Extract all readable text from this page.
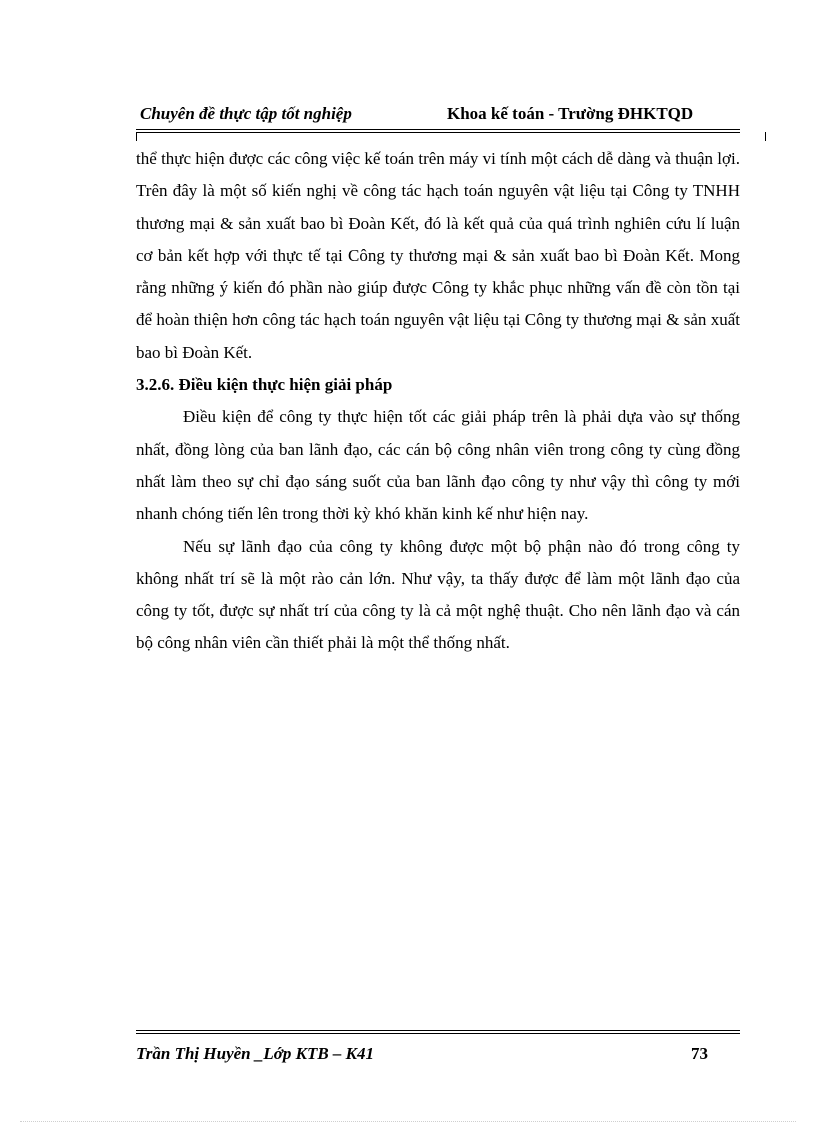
Chuyên đề thực tập tốt nghiệp	Khoa kế toán - Trường ĐHKTQD

thể thực hiện được các công việc kế toán trên máy vi tính một cách dễ dàng và thuận lợi. Trên đây là một số kiến nghị về công tác hạch toán nguyên vật liệu tại Công ty TNHH thương mại & sản xuất bao bì Đoàn Kết, đó là kết quả của quá trình nghiên cứu lí luận cơ bản kết hợp với thực tế tại Công ty thương mại & sản xuất bao bì Đoàn Kết. Mong rằng những ý kiến đó phần nào giúp được Công ty khắc phục những vấn đề còn tồn tại để hoàn thiện hơn công tác hạch toán nguyên vật liệu tại Công ty thương mại & sản xuất bao bì Đoàn Kết.

3.2.6. Điều kiện thực hiện giải pháp

Điều kiện để công ty thực hiện tốt các giải pháp trên là phải dựa vào sự thống nhất, đồng lòng của ban lãnh đạo, các cán bộ công nhân viên trong công ty cùng đồng nhất làm theo sự chỉ đạo sáng suốt của ban lãnh đạo công ty như vậy thì công ty mới nhanh chóng tiến lên trong thời kỳ khó khăn kinh kế như hiện nay.

Nếu sự lãnh đạo của công ty không được một bộ phận nào đó trong công ty không nhất trí sẽ là một rào cản lớn. Như vậy, ta thấy được để làm một lãnh đạo của công ty tốt, được sự nhất trí của công ty là cả một nghệ thuật. Cho nên lãnh đạo và cán bộ công nhân viên cần thiết phải là một thể thống nhất.

Trần Thị Huyền _Lớp KTB – K41	73
